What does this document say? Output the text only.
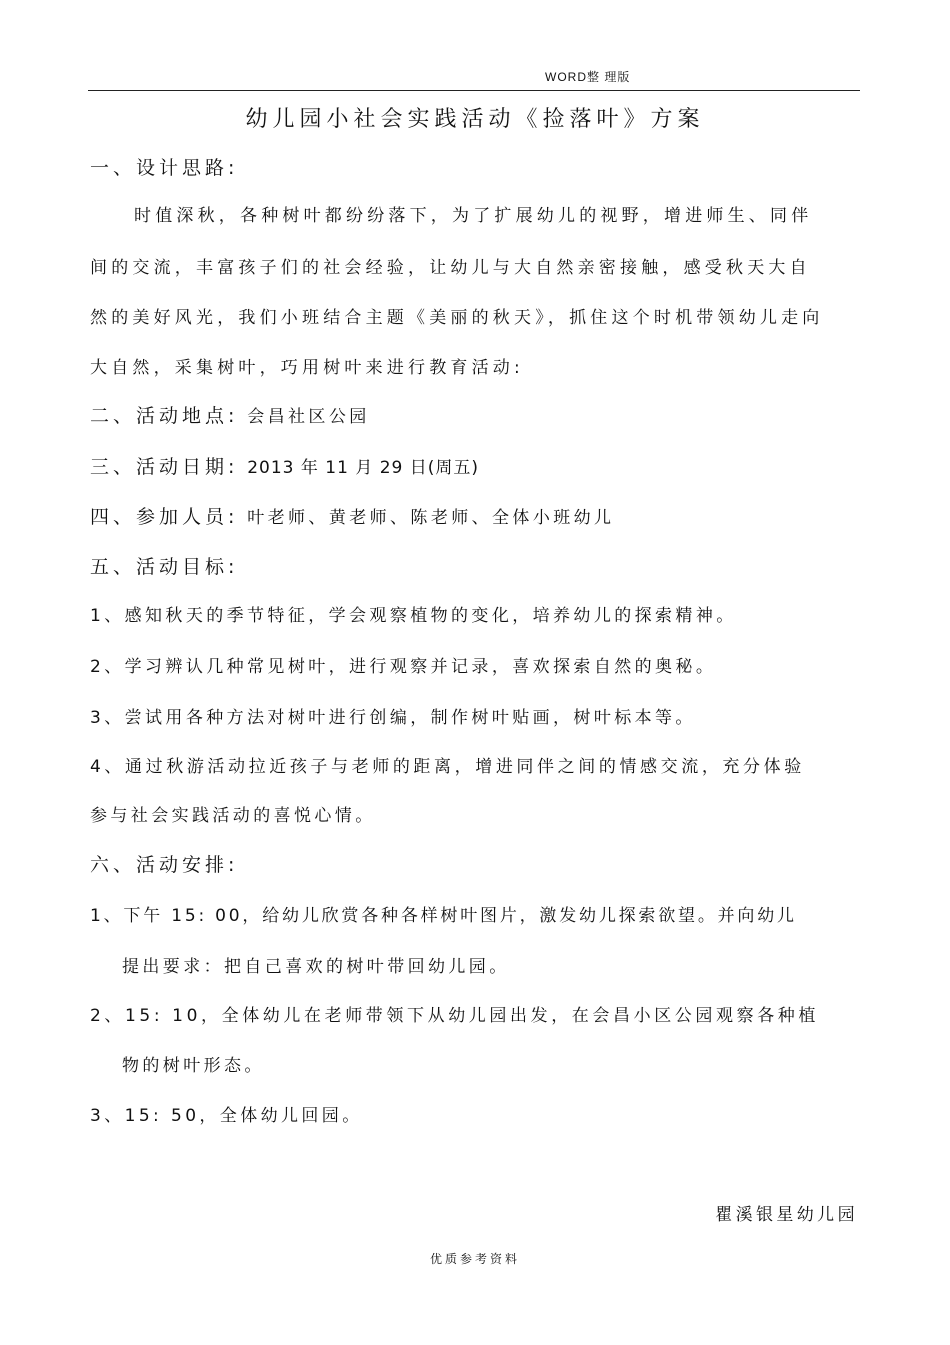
WORD整 理版
幼儿园小社会实践活动《捡落叶》方案
一、设计思路:
时值深秋，各种树叶都纷纷落下，为了扩展幼儿的视野，增进师生、同伴
间的交流，丰富孩子们的社会经验，让幼儿与大自然亲密接触，感受秋天大自
然的美好风光，我们小班结合主题《美丽的秋天》，抓住这个时机带领幼儿走向
大自然，采集树叶，巧用树叶来进行教育活动:
二、活动地点: 会昌社区公园
三、活动日期: 2013 年 11 月 29 日(周五)
四、参加人员: 叶老师、黄老师、陈老师、全体小班幼儿
五、活动目标:
1、感知秋天的季节特征，学会观察植物的变化，培养幼儿的探索精神。
2、学习辨认几种常见树叶，进行观察并记录，喜欢探索自然的奥秘。
3、尝试用各种方法对树叶进行创编，制作树叶贴画，树叶标本等。
4、通过秋游活动拉近孩子与老师的距离，增进同伴之间的情感交流，充分体验
参与社会实践活动的喜悦心情。
六、活动安排:
1、下午 15: 00，给幼儿欣赏各种各样树叶图片，激发幼儿探索欲望。并向幼儿
提出要求：把自己喜欢的树叶带回幼儿园。
2、15: 10，全体幼儿在老师带领下从幼儿园出发，在会昌小区公园观察各种植
物的树叶形态。
3、15: 50，全体幼儿回园。
瞿溪银星幼儿园
优质参考资料
